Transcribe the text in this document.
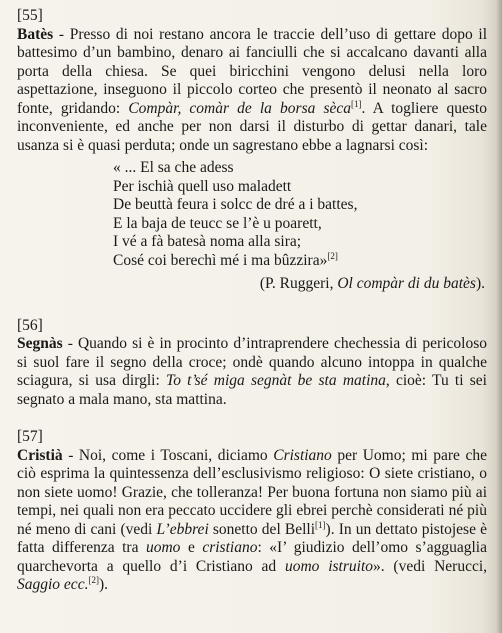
[55]

Batès - Presso di noi restano ancora le traccie dell’uso di gettare dopo il battesimo d’un bambino, denaro ai fanciulli che si accalcano davanti alla porta della chiesa. Se quei biricchini vengono delusi nella loro aspettazione, inseguono il piccolo corteo che presentò il neonato al sacro fonte, gridando: Compàr, comàr de la borsa sèca[1]. A togliere questo inconveniente, ed anche per non darsi il disturbo di gettar danari, tale usanza si è quasi perduta; onde un sagrestano ebbe a lagnarsi così:

« ... El sa che adess
Per ischià quell uso maladett
De beuttà feura i solcc de dré a i battes,
E la baja de teucc se l’è u poarett,
I vé a fà batesà noma alla sira;
Cosé coi berechì mé i ma bûzzira»[2]
(P. Ruggeri, Ol compàr di du batès).
[56]

Segnàs - Quando si è in procinto d’intraprendere chechessia di pericoloso si suol fare il segno della croce; ondè quando alcuno intoppa in qualche sciagura, si usa dirgli: To t’sé miga segnàt be sta matina, cioè: Tu ti sei segnato a mala mano, sta mattina.

[57]

Cristià - Noi, come i Toscani, diciamo Cristiano per Uomo; mi pare che ciò esprima la quintessenza dell’esclusivismo religioso: O siete cristiano, o non siete uomo! Grazie, che tolleranza! Per buona fortuna non siamo più ai tempi, nei quali non era peccato uccidere gli ebrei perchè considerati né più né meno di cani (vedi L’ebbrei sonetto del Belli[1]). In un dettato pistojese è fatta differenza tra uomo e cristiano: «I’ giudizio dell’omo s’agguaglia quarchevorta a quello d’i Cristiano ad uomo istruito». (vedi Nerucci, Saggio ecc.[2]).
